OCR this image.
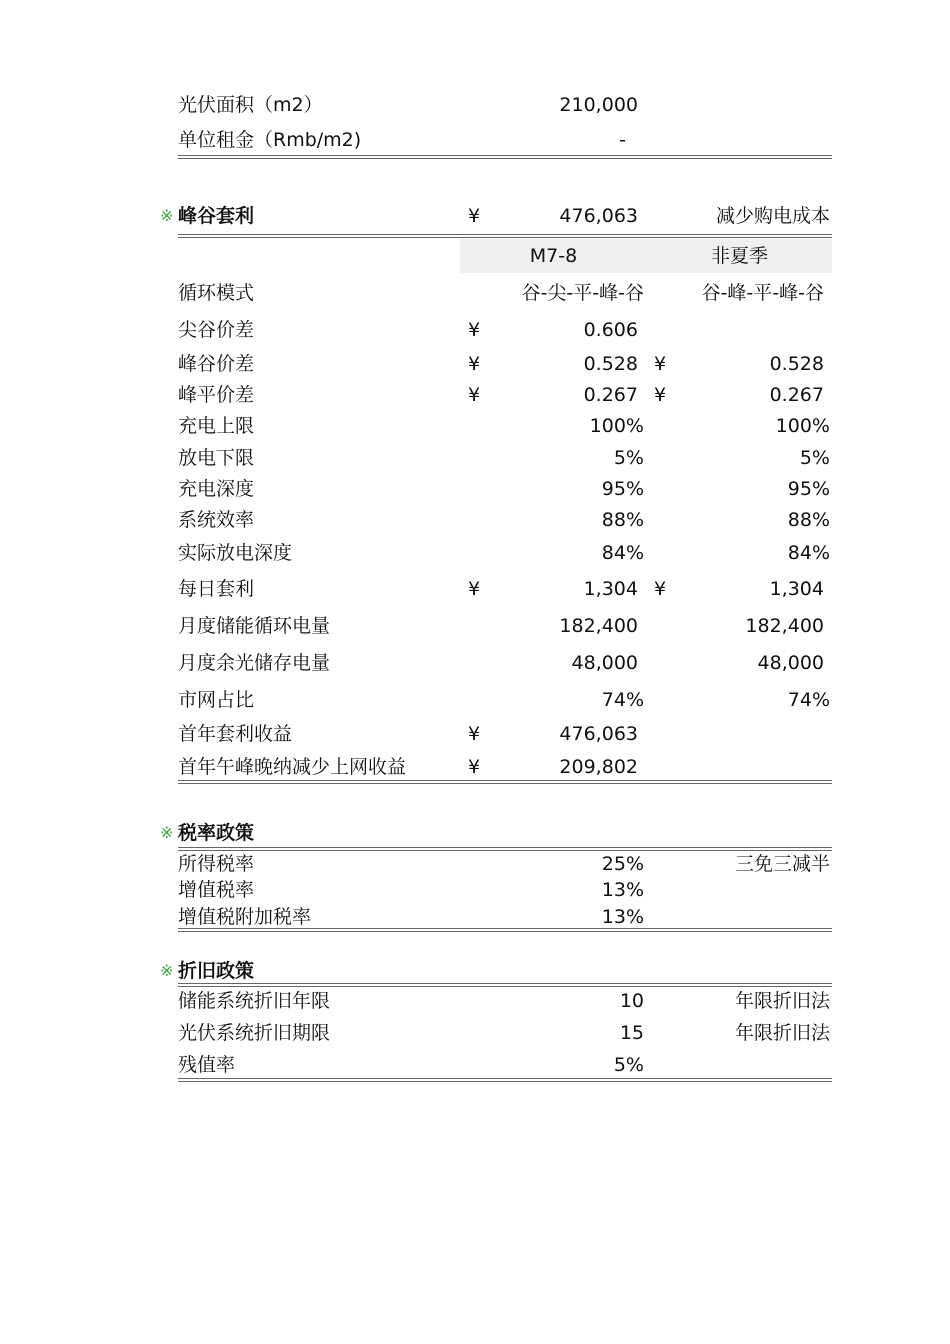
光伏面积（m2）	210,000
单位租金（Rmb/m2)	-
※ 峰谷套利	¥	476,063	减少购电成本
M7-8	非夏季
循环模式	谷-尖-平-峰-谷	谷-峰-平-峰-谷
尖谷价差	¥	0.606
峰谷价差	¥	0.528 ¥	0.528
峰平价差	¥	0.267 ¥	0.267
充电上限	100%	100%
放电下限	5%	5%
充电深度	95%	95%
系统效率	88%	88%
实际放电深度	84%	84%
每日套利	¥	1,304 ¥	1,304
月度储能循环电量	182,400	182,400
月度余光储存电量	48,000	48,000
市网占比	74%	74%
首年套利收益	¥	476,063
首年午峰晚纳减少上网收益	¥	209,802
※ 税率政策
所得税率	25%	三免三减半
增值税率	13%
增值税附加税率	13%
※ 折旧政策
储能系统折旧年限	10	年限折旧法
光伏系统折旧期限	15	年限折旧法
残值率	5%
